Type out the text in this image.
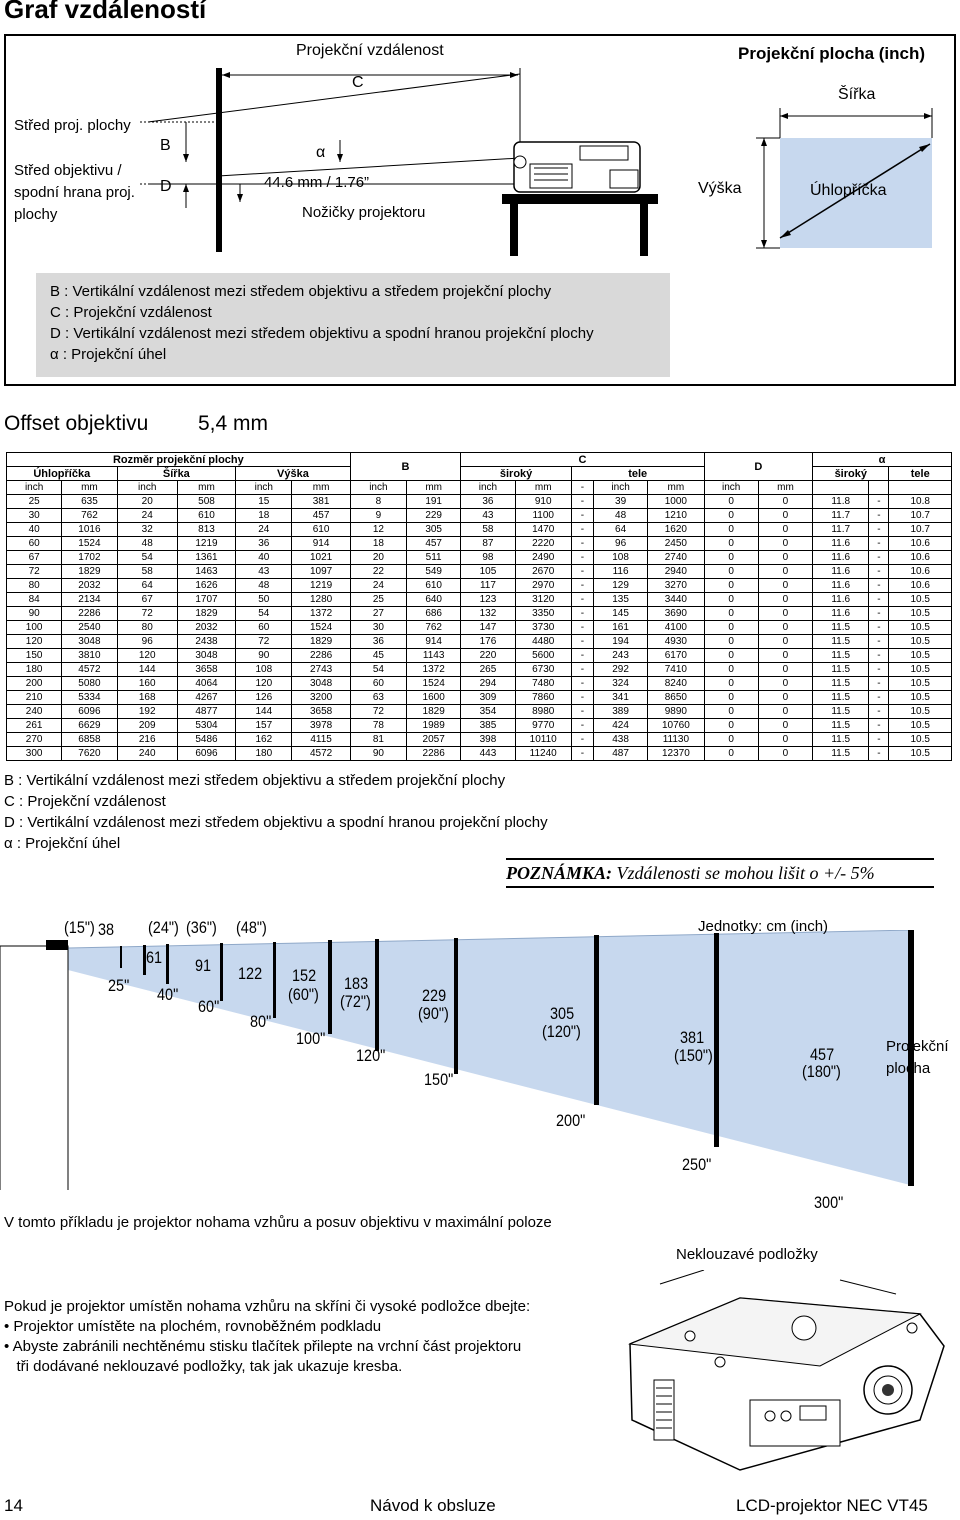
Graf vzdáleností
Projekční vzdálenost
C
Střed proj. plochy
Střed objektivu /
spodní hrana proj.
plochy
B
D
α
44.6 mm / 1.76”
Nožičky projektoru
Projekční plocha (inch)
Šířka
Výška	Úhlopříčka
B : Vertikální vzdálenost mezi středem objektivu a středem projekční plochy
C : Projekční vzdálenost
D : Vertikální vzdálenost mezi středem objektivu a spodní hranou projekční plochy
α : Projekční úhel
Offset objektivu 5,4 mm
Rozměr projekční plochy						B		C					D		α		
Úhlopříčka		Šířka		Výška				široký		tele					široký		tele
inch	mm	inch	mm	inch	mm	inch	mm	inch	mm	-	inch	mm	inch	mm			
25	635	20	508	15	381	8	191	36	910	-	39	1000	0	0	11.8	-	10.8
30	762	24	610	18	457	9	229	43	1100	-	48	1210	0	0	11.7	-	10.7
40	1016	32	813	24	610	12	305	58	1470	-	64	1620	0	0	11.7	-	10.7
60	1524	48	1219	36	914	18	457	87	2220	-	96	2450	0	0	11.6	-	10.6
67	1702	54	1361	40	1021	20	511	98	2490	-	108	2740	0	0	11.6	-	10.6
72	1829	58	1463	43	1097	22	549	105	2670	-	116	2940	0	0	11.6	-	10.6
80	2032	64	1626	48	1219	24	610	117	2970	-	129	3270	0	0	11.6	-	10.6
84	2134	67	1707	50	1280	25	640	123	3120	-	135	3440	0	0	11.6	-	10.5
90	2286	72	1829	54	1372	27	686	132	3350	-	145	3690	0	0	11.6	-	10.5
100	2540	80	2032	60	1524	30	762	147	3730	-	161	4100	0	0	11.5	-	10.5
120	3048	96	2438	72	1829	36	914	176	4480	-	194	4930	0	0	11.5	-	10.5
150	3810	120	3048	90	2286	45	1143	220	5600	-	243	6170	0	0	11.5	-	10.5
180	4572	144	3658	108	2743	54	1372	265	6730	-	292	7410	0	0	11.5	-	10.5
200	5080	160	4064	120	3048	60	1524	294	7480	-	324	8240	0	0	11.5	-	10.5
210	5334	168	4267	126	3200	63	1600	309	7860	-	341	8650	0	0	11.5	-	10.5
240	6096	192	4877	144	3658	72	1829	354	8980	-	389	9890	0	0	11.5	-	10.5
261	6629	209	5304	157	3978	78	1989	385	9770	-	424	10760	0	0	11.5	-	10.5
270	6858	216	5486	162	4115	81	2057	398	10110	-	438	11130	0	0	11.5	-	10.5
300	7620	240	6096	180	4572	90	2286	443	11240	-	487	12370	0	0	11.5	-	10.5
B : Vertikální vzdálenost mezi středem objektivu a středem projekční plochy
C : Projekční vzdálenost
D : Vertikální vzdálenost mezi středem objektivu a spodní hranou projekční plochy
α : Projekční úhel
POZNÁMKA: Vzdálenosti se mohou lišit o +/- 5%
(15") 38 (24") (36") (48")
61 91
25" 40"
60"
122
80"
152
(60")
100"
183
(72")
120"
229
(90")
150"
305
(120")
200"
381
(150")
250"
457
(180")
300"
Jednotky: cm (inch)
Projekční
plocha
V tomto příkladu je projektor nohama vzhůru a posuv objektivu v maximální poloze
Neklouzavé podložky
Pokud je projektor umístěn nohama vzhůru na skříni či vysoké podložce dbejte:
• Projektor umístěte na plochém, rovnoběžném podkladu
• Abyste zabránili nechtěnému stisku tlačítek přilepte na vrchní část projektoru
tři dodávané neklouzavé podložky, tak jak ukazuje kresba.
14	Návod k obsluze	LCD-projektor NEC VT45
